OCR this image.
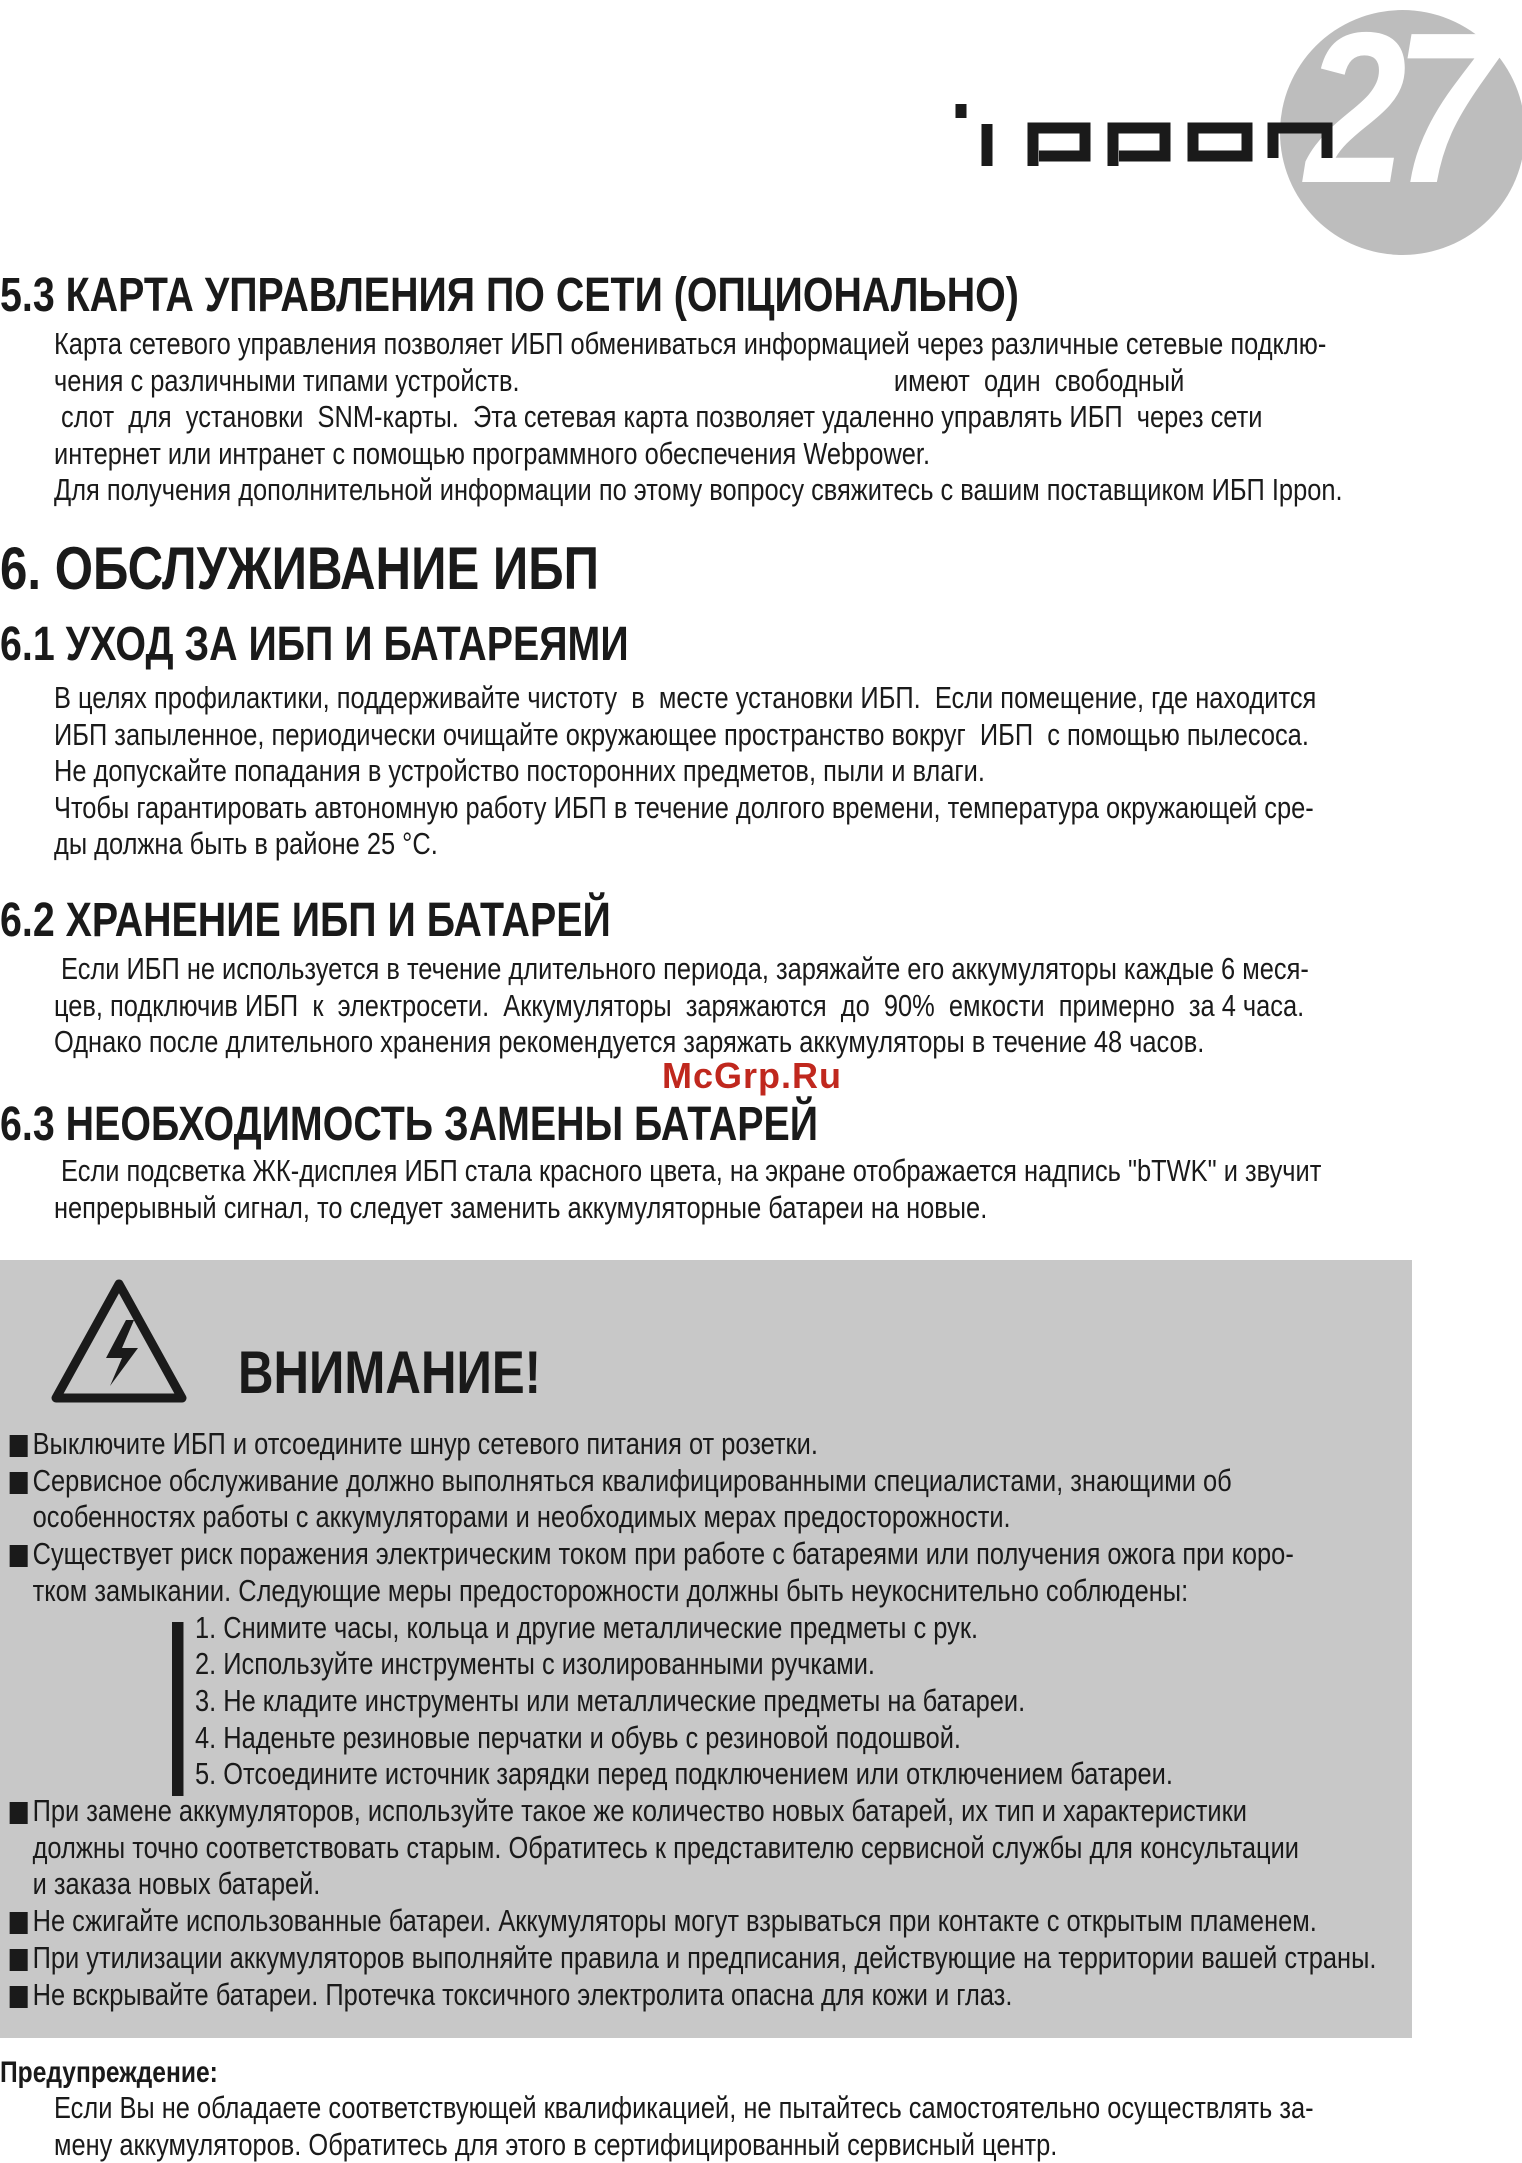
27
5.3 КАРТА УПРАВЛЕНИЯ ПО СЕТИ (ОПЦИОНАЛЬНО)

Карта сетевого управления позволяет ИБП обмениваться информацией через различные сетевые подклю-

чения с различными типами устройств.                                                     имеют  один  свободный

слот  для  установки  SNM-карты.  Эта сетевая карта позволяет удаленно управлять ИБП  через сети

интернет или интранет с помощью программного обеспечения Webpower.

Для получения дополнительной информации по этому вопросу свяжитесь с вашим поставщиком ИБП Ippon.

6. ОБСЛУЖИВАНИЕ ИБП
6.1 УХОД ЗА ИБП И БАТАРЕЯМИ

В целях профилактики, поддерживайте чистоту  в  месте установки ИБП.  Если помещение, где находится

ИБП запыленное, периодически очищайте окружающее пространство вокруг  ИБП  с помощью пылесоса.

Не допускайте попадания в устройство посторонних предметов, пыли и влаги.

Чтобы гарантировать автономную работу ИБП в течение долгого времени, температура окружающей сре-

ды должна быть в районе 25 °С.

6.2 ХРАНЕНИЕ ИБП И БАТАРЕЙ

Если ИБП не используется в течение длительного периода, заряжайте его аккумуляторы каждые 6 меся-

цев, подключив ИБП  к  электросети.  Аккумуляторы  заряжаются  до  90%  емкости  примерно  за 4 часа.

Однако после длительного хранения рекомендуется заряжать аккумуляторы в течение 48 часов.

McGrp.Ru
6.3 НЕОБХОДИМОСТЬ ЗАМЕНЫ БАТАРЕЙ

Если подсветка ЖК-дисплея ИБП стала красного цвета, на экране отображается надпись "bTWK" и звучит

непрерывный сигнал, то следует заменить аккумуляторные батареи на новые.

ВНИМАНИЕ!
Выключите ИБП и отсоедините шнур сетевого питания от розетки.
Сервисное обслуживание должно выполняться квалифицированными специалистами, знающими об
особенностях работы с аккумуляторами и необходимых мерах предосторожности.
Существует риск поражения электрическим током при работе с батареями или получения ожога при коро-
тком замыкании. Следующие меры предосторожности должны быть неукоснительно соблюдены:
1. Снимите часы, кольца и другие металлические предметы с рук.
2. Используйте инструменты с изолированными ручками.
3. Не кладите инструменты или металлические предметы на батареи.
4. Наденьте резиновые перчатки и обувь с резиновой подошвой.
5. Отсоедините источник зарядки перед подключением или отключением батареи.
При замене аккумуляторов, используйте такое же количество новых батарей, их тип и характеристики
должны точно соответствовать старым. Обратитесь к представителю сервисной службы для консультации
и заказа новых батарей.
Не сжигайте использованные батареи. Аккумуляторы могут взрываться при контакте с открытым пламенем.
При утилизации аккумуляторов выполняйте правила и предписания, действующие на территории вашей страны.
Не вскрывайте батареи. Протечка токсичного электролита опасна для кожи и глаз.
Предупреждение:

Если Вы не обладаете соответствующей квалификацией, не пытайтесь самостоятельно осуществлять за-

мену аккумуляторов. Обратитесь для этого в сертифицированный сервисный центр.
